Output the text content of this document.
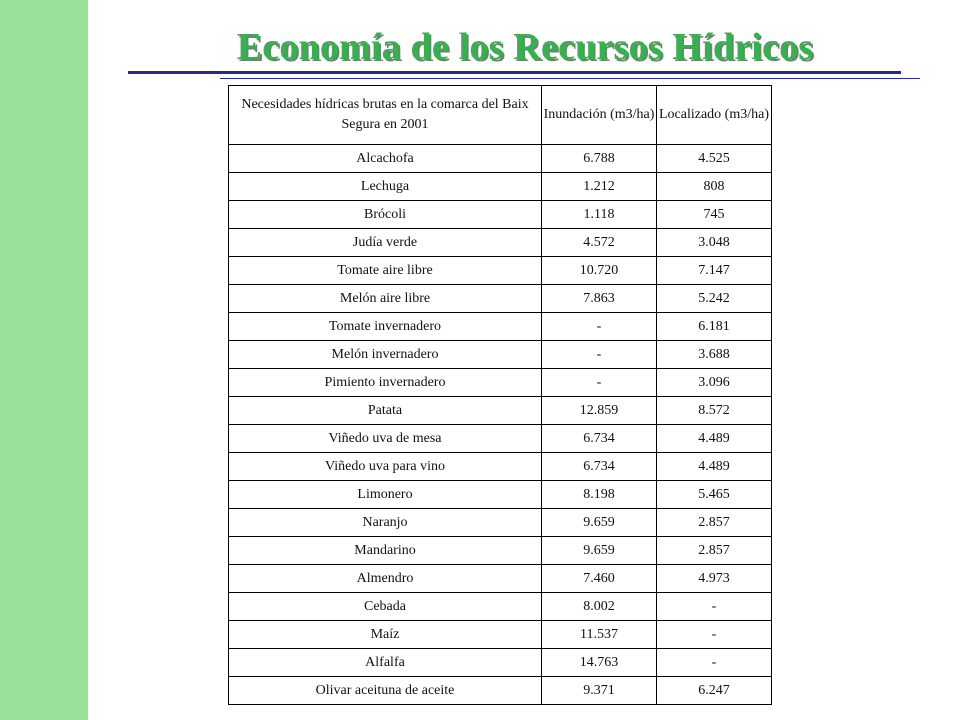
Economía de los Recursos Hídricos
Necesidades hídricas brutas en la comarca del Baix Segura en 2001	Inundación (m3/ha)	Localizado (m3/ha)
Alcachofa	6.788	4.525
Lechuga	1.212	808
Brócoli	1.118	745
Judía verde	4.572	3.048
Tomate aire libre	10.720	7.147
Melón aire libre	7.863	5.242
Tomate invernadero	-	6.181
Melón invernadero	-	3.688
Pimiento invernadero	-	3.096
Patata	12.859	8.572
Viñedo uva de mesa	6.734	4.489
Viñedo uva para vino	6.734	4.489
Limonero	8.198	5.465
Naranjo	9.659	2.857
Mandarino	9.659	2.857
Almendro	7.460	4.973
Cebada	8.002	-
Maíz	11.537	-
Alfalfa	14.763	-
Olivar aceituna de aceite	9.371	6.247
